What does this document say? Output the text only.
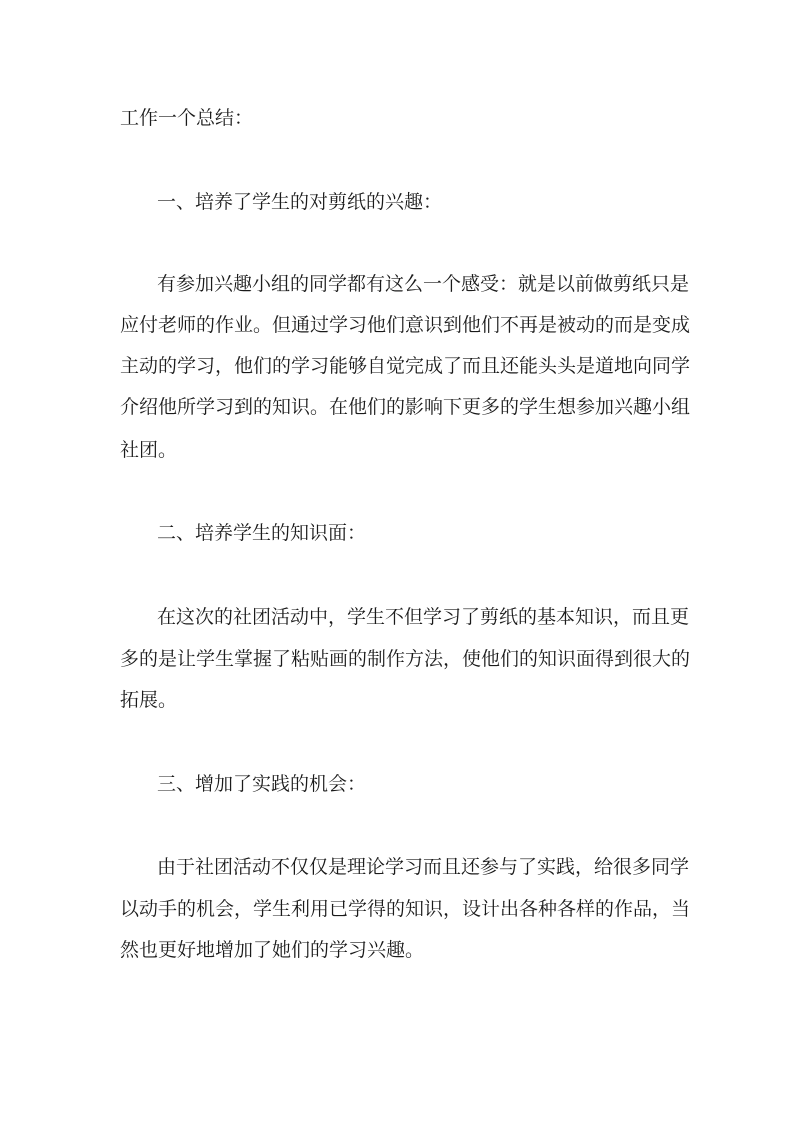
工作一个总结：
一、培养了学生的对剪纸的兴趣：
有参加兴趣小组的同学都有这么一个感受：就是以前做剪纸只是
应付老师的作业。但通过学习他们意识到他们不再是被动的而是变成
主动的学习，他们的学习能够自觉完成了而且还能头头是道地向同学
介绍他所学习到的知识。在他们的影响下更多的学生想参加兴趣小组
社团。
二、培养学生的知识面：
在这次的社团活动中，学生不但学习了剪纸的基本知识，而且更
多的是让学生掌握了粘贴画的制作方法，使他们的知识面得到很大的
拓展。
三、增加了实践的机会：
由于社团活动不仅仅是理论学习而且还参与了实践，给很多同学
以动手的机会，学生利用已学得的知识，设计出各种各样的作品，当
然也更好地增加了她们的学习兴趣。
